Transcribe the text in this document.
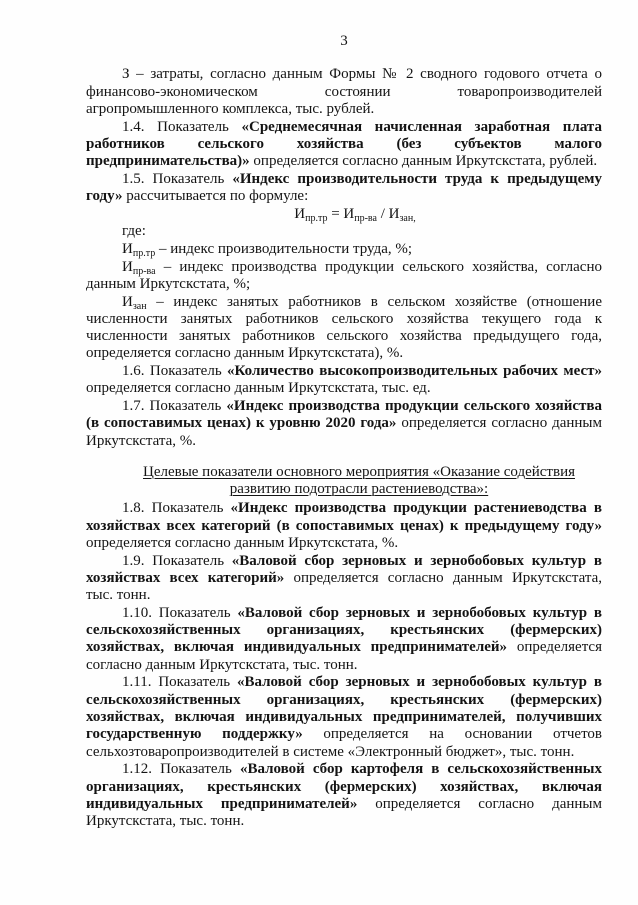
3
З – затраты, согласно данным Формы № 2 сводного годового отчета о
финансово-экономическом состоянии товаропроизводителей
агропромышленного комплекса, тыс. рублей.
1.4. Показатель «Среднемесячная начисленная заработная плата
работников сельского хозяйства (без субъектов малого
предпринимательства)» определяется согласно данным Иркутскстата, рублей.
1.5. Показатель «Индекс производительности труда к предыдущему
году» рассчитывается по формуле:
$И_{пр.тр} = И_{пр-ва} / И_{зан,}$
где:
$И_{пр.тр}$ – индекс производительности труда, %;
$И_{пр-ва}$ – индекс производства продукции сельского хозяйства, согласно
данным Иркутскстата, %;
$И_{зан}$ – индекс занятых работников в сельском хозяйстве (отношение
численности занятых работников сельского хозяйства текущего года к
численности занятых работников сельского хозяйства предыдущего года,
определяется согласно данным Иркутскстата), %.
1.6. Показатель «Количество высокопроизводительных рабочих мест»
определяется согласно данным Иркутскстата, тыс. ед.
1.7. Показатель «Индекс производства продукции сельского хозяйства
(в сопоставимых ценах) к уровню 2020 года» определяется согласно данным
Иркутскстата, %.
Целевые показатели основного мероприятия «Оказание содействия
развитию подотрасли растениеводства»:
1.8. Показатель «Индекс производства продукции растениеводства в
хозяйствах всех категорий (в сопоставимых ценах) к предыдущему году»
определяется согласно данным Иркутскстата, %.
1.9. Показатель «Валовой сбор зерновых и зернобобовых культур в
хозяйствах всех категорий» определяется согласно данным Иркутскстата,
тыс. тонн.
1.10. Показатель «Валовой сбор зерновых и зернобобовых культур в
сельскохозяйственных организациях, крестьянских (фермерских)
хозяйствах, включая индивидуальных предпринимателей» определяется
согласно данным Иркутскстата, тыс. тонн.
1.11. Показатель «Валовой сбор зерновых и зернобобовых культур в
сельскохозяйственных организациях, крестьянских (фермерских)
хозяйствах, включая индивидуальных предпринимателей, получивших
государственную поддержку» определяется на основании отчетов
сельхозтоваропроизводителей в системе «Электронный бюджет», тыс. тонн.
1.12. Показатель «Валовой сбор картофеля в сельскохозяйственных
организациях, крестьянских (фермерских) хозяйствах, включая
индивидуальных предпринимателей» определяется согласно данным
Иркутскстата, тыс. тонн.
